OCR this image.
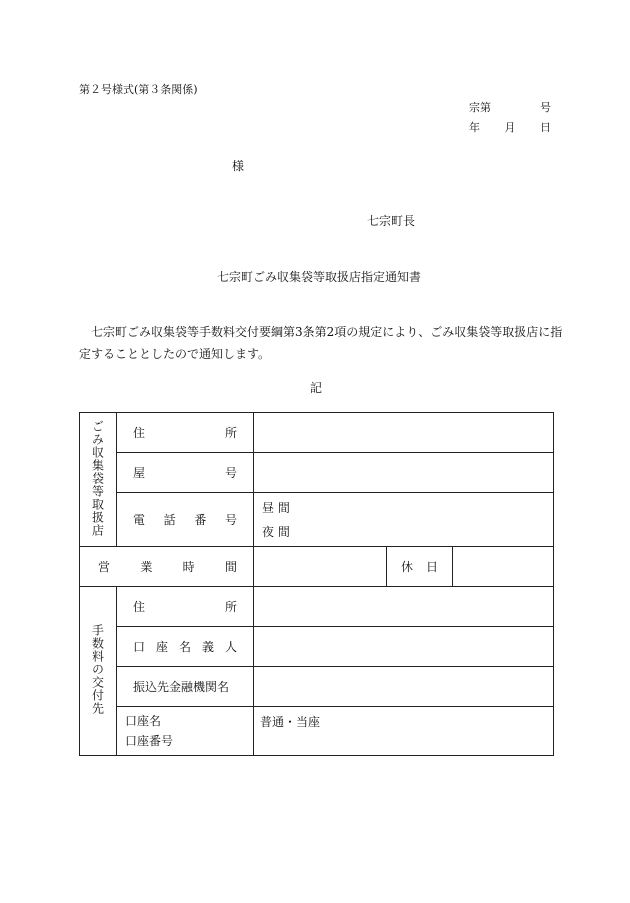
第２号様式(第３条関係)
宗第	号
年 月 日
様
七宗町長
七宗町ごみ収集袋等取扱店指定通知書
七宗町ごみ収集袋等手数料交付要綱第3条第2項の規定により、ごみ収集袋等取扱店に指
定することとしたので通知します。
記
ごみ収集袋等取扱店	住 所			

	屋 号			

	電 話 番 号	昼 間
夜 間		

営 業 時 間			休 日	

手数料の交付先	住 所			

	口 座 名 義 人			

	振込先金融機関名			

	口座名
口座番号	普通・当座		
